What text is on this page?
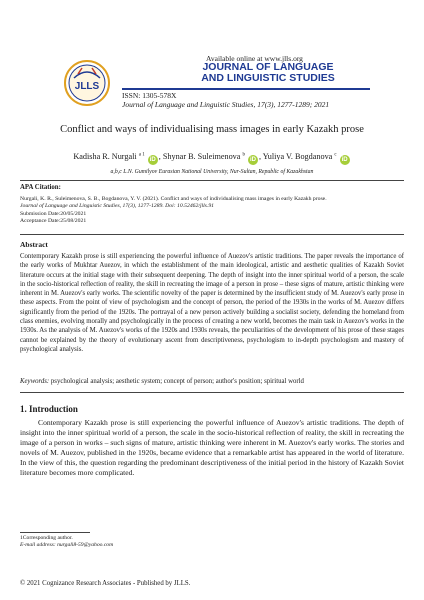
JLLS
Available online at www.jlls.org
JOURNAL OF LANGUAGE
AND LINGUISTIC STUDIES
ISSN: 1305-578X
Journal of Language and Linguistic Studies, 17(3), 1277-1289; 2021
Conflict and ways of individualising mass images in early Kazakh prose
Kadisha R. Nurgali $^{a 1}$ iD , Shynar B. Suleimenova $^b$ iD , Yuliya V. Bogdanova $^c$ iD
a,b,c L.N. Gumilyov Eurasian National University, Nur-Sultan, Republic of Kazakhstan
APA Citation:
Nurgali, K. R., Suleimenova, S. B., Bogdanova, Y. V. (2021). Conflict and ways of individualising mass images in early Kazakh prose.
Journal of Language and Linguistic Studies, 17(3), 1277-1289. Doi: 10.52462/jlls.91
Submission Date:20/05/2021
Acceptance Date:25/08/2021
Abstract
Contemporary Kazakh prose is still experiencing the powerful influence of Auezov's artistic traditions. The paper reveals the importance of the early works of Mukhtar Auezov, in which the establishment of the main ideological, artistic and aesthetic qualities of Kazakh Soviet literature occurs at the initial stage with their subsequent deepening. The depth of insight into the inner spiritual world of a person, the scale in the socio-historical reflection of reality, the skill in recreating the image of a person in prose – these signs of mature, artistic thinking were inherent in M. Auezov's early works. The scientific novelty of the paper is determined by the insufficient study of M. Auezov's early prose in these aspects. From the point of view of psychologism and the concept of person, the period of the 1930s in the works of M. Auezov differs significantly from the period of the 1920s. The portrayal of a new person actively building a socialist society, defending the homeland from class enemies, evolving morally and psychologically in the process of creating a new world, becomes the main task in Auezov's works in the 1930s. As the analysis of M. Auezov's works of the 1920s and 1930s reveals, the peculiarities of the development of his prose of these stages cannot be explained by the theory of evolutionary ascent from descriptiveness, psychologism to in-depth psychologism and mastery of psychological analysis.
Keywords: psychological analysis; aesthetic system; concept of person; author's position; spiritual world
1. Introduction
Contemporary Kazakh prose is still experiencing the powerful influence of Auezov's artistic traditions. The depth of insight into the inner spiritual world of a person, the scale in the socio-historical reflection of reality, the skill in recreating the image of a person in works – such signs of mature, artistic thinking were inherent in M. Auezov's early works. The stories and novels of M. Auezov, published in the 1920s, became evidence that a remarkable artist has appeared in the world of literature. In the view of this, the question regarding the predominant descriptiveness of the initial period in the history of Kazakh Soviet literature becomes more complicated.
1Corresponding author.
E-mail address: nurgali8-59@yahoo.com
© 2021 Cognizance Research Associates - Published by JLLS.
